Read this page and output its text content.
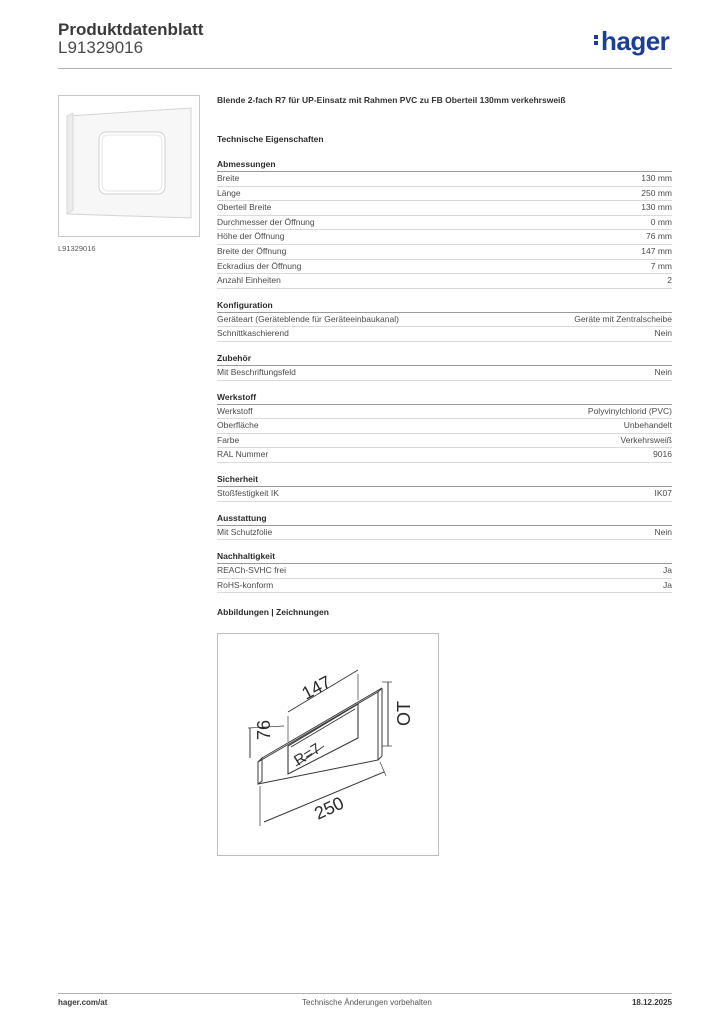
Produktdatenblatt
L91329016	hager
L91329016
Blende 2-fach R7 für UP-Einsatz mit Rahmen PVC zu FB Oberteil 130mm verkehrsweiß
Technische Eigenschaften
Abmessungen
Breite	130 mm
Länge	250 mm
Oberteil Breite	130 mm
Durchmesser der Öffnung	0 mm
Höhe der Öffnung	76 mm
Breite der Öffnung	147 mm
Eckradius der Öffnung	7 mm
Anzahl Einheiten	2
Konfiguration
Geräteart (Geräteblende für Geräteeinbaukanal)	Geräte mit Zentralscheibe
Schnittkaschierend	Nein
Zubehör
Mit Beschriftungsfeld	Nein
Werkstoff
Werkstoff	Polyvinylchlorid (PVC)
Oberfläche	Unbehandelt
Farbe	Verkehrsweiß
RAL Nummer	9016
Sicherheit
Stoßfestigkeit IK	IK07
Ausstattung
Mit Schutzfolie	Nein
Nachhaltigkeit
REACh-SVHC frei	Ja
RoHS-konform	Ja
Abbildungen | Zeichnungen
147
76
R=7
250
OT
hager.com/at	Technische Änderungen vorbehalten	18.12.2025
